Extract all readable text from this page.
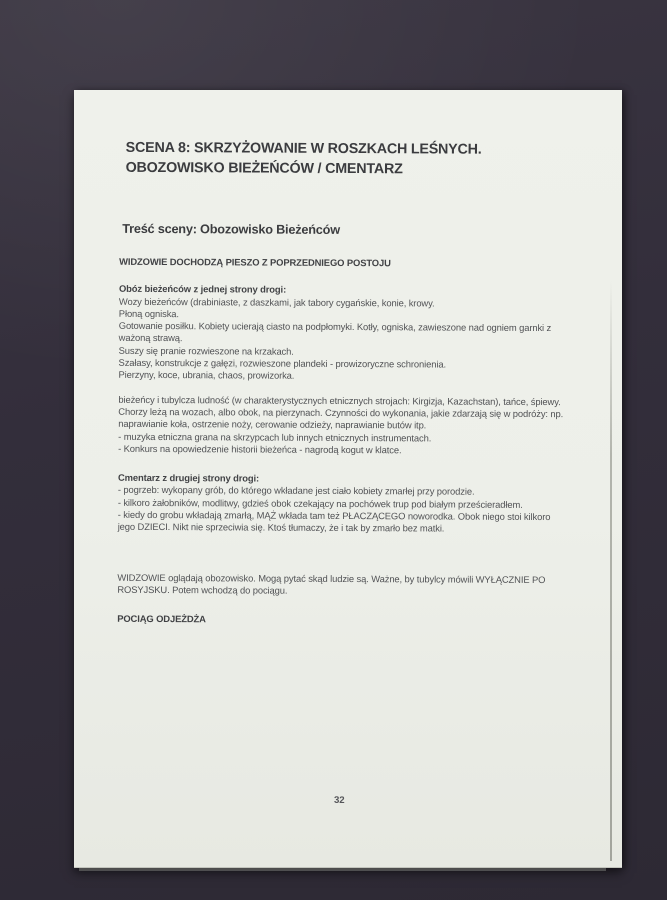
SCENA 8: SKRZYŻOWANIE W ROSZKACH LEŚNYCH.
OBOZOWISKO BIEŻEŃCÓW / CMENTARZ
Treść sceny: Obozowisko Bieżeńców
WIDZOWIE DOCHODZĄ PIESZO Z POPRZEDNIEGO POSTOJU
Obóz bieżeńców z jednej strony drogi:
Wozy bieżeńców (drabiniaste, z daszkami, jak tabory cygańskie, konie, krowy.
Płoną ogniska.
Gotowanie posiłku. Kobiety ucierają ciasto na podpłomyki. Kotły, ogniska, zawieszone nad ogniem garnki z ważoną strawą.
Suszy się pranie rozwieszone na krzakach.
Szałasy, konstrukcje z gałęzi, rozwieszone plandeki - prowizoryczne schronienia.
Pierzyny, koce, ubrania, chaos, prowizorka.
bieżeńcy i tubylcza ludność (w charakterystycznych etnicznych strojach: Kirgizja, Kazachstan), tańce, śpiewy. Chorzy leżą na wozach, albo obok, na pierzynach. Czynności do wykonania, jakie zdarzają się w podróży: np. naprawianie koła, ostrzenie noży, cerowanie odzieży, naprawianie butów itp.
- muzyka etniczna grana na skrzypcach lub innych etnicznych instrumentach.
- Konkurs na opowiedzenie historii bieżeńca - nagrodą kogut w klatce.
Cmentarz z drugiej strony drogi:
- pogrzeb: wykopany grób, do którego wkładane jest ciało kobiety zmarłej przy porodzie.
- kilkoro żałobników, modlitwy, gdzieś obok czekający na pochówek trup pod białym prześcieradłem.
- kiedy do grobu wkładają zmarłą, MĄŻ wkłada tam też PŁACZĄCEGO noworodka. Obok niego stoi kilkoro jego DZIECI. Nikt nie sprzeciwia się. Ktoś tłumaczy, że i tak by zmarło bez matki.
WIDZOWIE oglądają obozowisko. Mogą pytać skąd ludzie są. Ważne, by tubylcy mówili WYŁĄCZNIE PO ROSYJSKU. Potem wchodzą do pociągu.
POCIĄG ODJEŻDŻA
32
